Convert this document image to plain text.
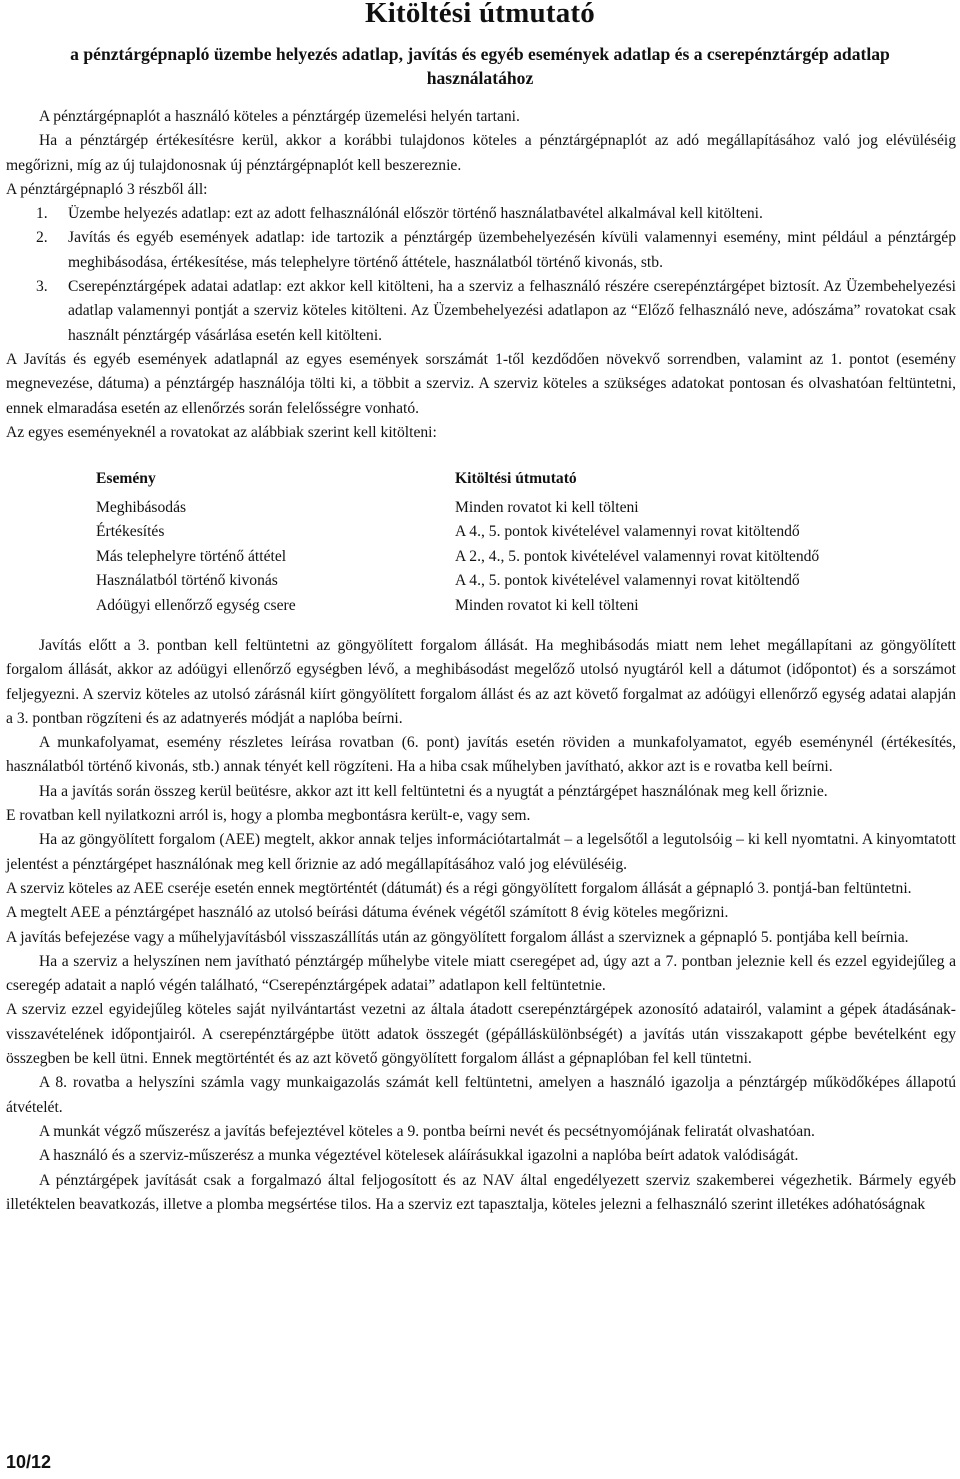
Kitöltési útmutató
a pénztárgépnapló üzembe helyezés adatlap, javítás és egyéb események adatlap és a cserepénztárgép adatlap használatához

A pénztárgépnaplót a használó köteles a pénztárgép üzemelési helyén tartani.

Ha a pénztárgép értékesítésre kerül, akkor a korábbi tulajdonos köteles a pénztárgépnaplót az adó megállapításához való jog elévüléséig megőrizni, míg az új tulajdonosnak új pénztárgépnaplót kell beszereznie.

A pénztárgépnapló 3 részből áll:

1.	Üzembe helyezés adatlap: ezt az adott felhasználónál először történő használatbavétel alkalmával kell kitölteni.
2.	Javítás és egyéb események adatlap: ide tartozik a pénztárgép üzembehelyezésén kívüli valamennyi esemény, mint például a pénztárgép meghibásodása, értékesítése, más telephelyre történő áttétele, használatból történő kivonás, stb.
3.	Cserepénztárgépek adatai adatlap: ezt akkor kell kitölteni, ha a szerviz a felhasználó részére cserepénztárgépet biztosít. Az Üzembehelyezési adatlap valamennyi pontját a szerviz köteles kitölteni. Az Üzembehelyezési adatlapon az “Előző felhasználó neve, adószáma” rovatokat csak használt pénztárgép vásárlása esetén kell kitölteni.

A Javítás és egyéb események adatlapnál az egyes események sorszámát 1-től kezdődően növekvő sorrendben, valamint az 1. pontot (esemény megnevezése, dátuma) a pénztárgép használója tölti ki, a többit a szerviz. A szerviz köteles a szükséges adatokat pontosan és olvashatóan feltüntetni, ennek elmaradása esetén az ellenőrzés során felelősségre vonható.

Az egyes eseményeknél a rovatokat az alábbiak szerint kell kitölteni:

Esemény	Kitöltési útmutató
Meghibásodás	Minden rovatot ki kell tölteni
Értékesítés	A 4., 5. pontok kivételével valamennyi rovat kitöltendő
Más telephelyre történő áttétel	A 2., 4., 5. pontok kivételével valamennyi rovat kitöltendő
Használatból történő kivonás	A 4., 5. pontok kivételével valamennyi rovat kitöltendő
Adóügyi ellenőrző egység csere	Minden rovatot ki kell tölteni

Javítás előtt a 3. pontban kell feltüntetni az göngyölített forgalom állását. Ha meghibásodás miatt nem lehet megállapítani az göngyölített forgalom állását, akkor az adóügyi ellenőrző egységben lévő, a meghibásodást megelőző utolsó nyugtáról kell a dátumot (időpontot) és a sorszámot feljegyezni. A szerviz köteles az utolsó zárásnál kiírt göngyölített forgalom állást és az azt követő forgalmat az adóügyi ellenőrző egység adatai alapján a 3. pontban rögzíteni és az adatnyerés módját a naplóba beírni.

A munkafolyamat, esemény részletes leírása rovatban (6. pont) javítás esetén röviden a munkafolyamatot, egyéb eseménynél (értékesítés, használatból történő kivonás, stb.) annak tényét kell rögzíteni. Ha a hiba csak műhelyben javítható, akkor azt is e rovatba kell beírni.

Ha a javítás során összeg kerül beütésre, akkor azt itt kell feltüntetni és a nyugtát a pénztárgépet használónak meg kell őriznie.

E rovatban kell nyilatkozni arról is, hogy a plomba megbontásra került-e, vagy sem.

Ha az göngyölített forgalom (AEE) megtelt, akkor annak teljes információtartalmát – a legelsőtől a legutolsóig – ki kell nyomtatni. A kinyomtatott jelentést a pénztárgépet használónak meg kell őriznie az adó megállapításához való jog elévüléséig.

A szerviz köteles az AEE cseréje esetén ennek megtörténtét (dátumát) és a régi göngyölített forgalom állását a gépnapló 3. pontjá-ban feltüntetni.

A megtelt AEE a pénztárgépet használó az utolsó beírási dátuma évének végétől számított 8 évig köteles megőrizni.

A javítás befejezése vagy a műhelyjavításból visszaszállítás után az göngyölített forgalom állást a szerviznek a gépnapló 5. pontjába kell beírnia.

Ha a szerviz a helyszínen nem javítható pénztárgép műhelybe vitele miatt cseregépet ad, úgy azt a 7. pontban jeleznie kell és ezzel egyidejűleg a cseregép adatait a napló végén található, “Cserepénztárgépek adatai” adatlapon kell feltüntetnie.

A szerviz ezzel egyidejűleg köteles saját nyilvántartást vezetni az általa átadott cserepénztárgépek azonosító adatairól, valamint a gépek átadásának-visszavételének időpontjairól. A cserepénztárgépbe ütött adatok összegét (gépálláskülönbségét) a javítás után visszakapott gépbe bevételként egy összegben be kell ütni. Ennek megtörténtét és az azt követő göngyölített forgalom állást a gépnaplóban fel kell tüntetni.

A 8. rovatba a helyszíni számla vagy munkaigazolás számát kell feltüntetni, amelyen a használó igazolja a pénztárgép működőképes állapotú átvételét.

A munkát végző műszerész a javítás befejeztével köteles a 9. pontba beírni nevét és pecsétnyomójának feliratát olvashatóan.

A használó és a szerviz-műszerész a munka végeztével kötelesek aláírásukkal igazolni a naplóba beírt adatok valódiságát.

A pénztárgépek javítását csak a forgalmazó által feljogosított és az NAV által engedélyezett szerviz szakemberei végezhetik. Bármely egyéb illetéktelen beavatkozás, illetve a plomba megsértése tilos. Ha a szerviz ezt tapasztalja, köteles jelezni a felhasználó szerint illetékes adóhatóságnak

10/12
